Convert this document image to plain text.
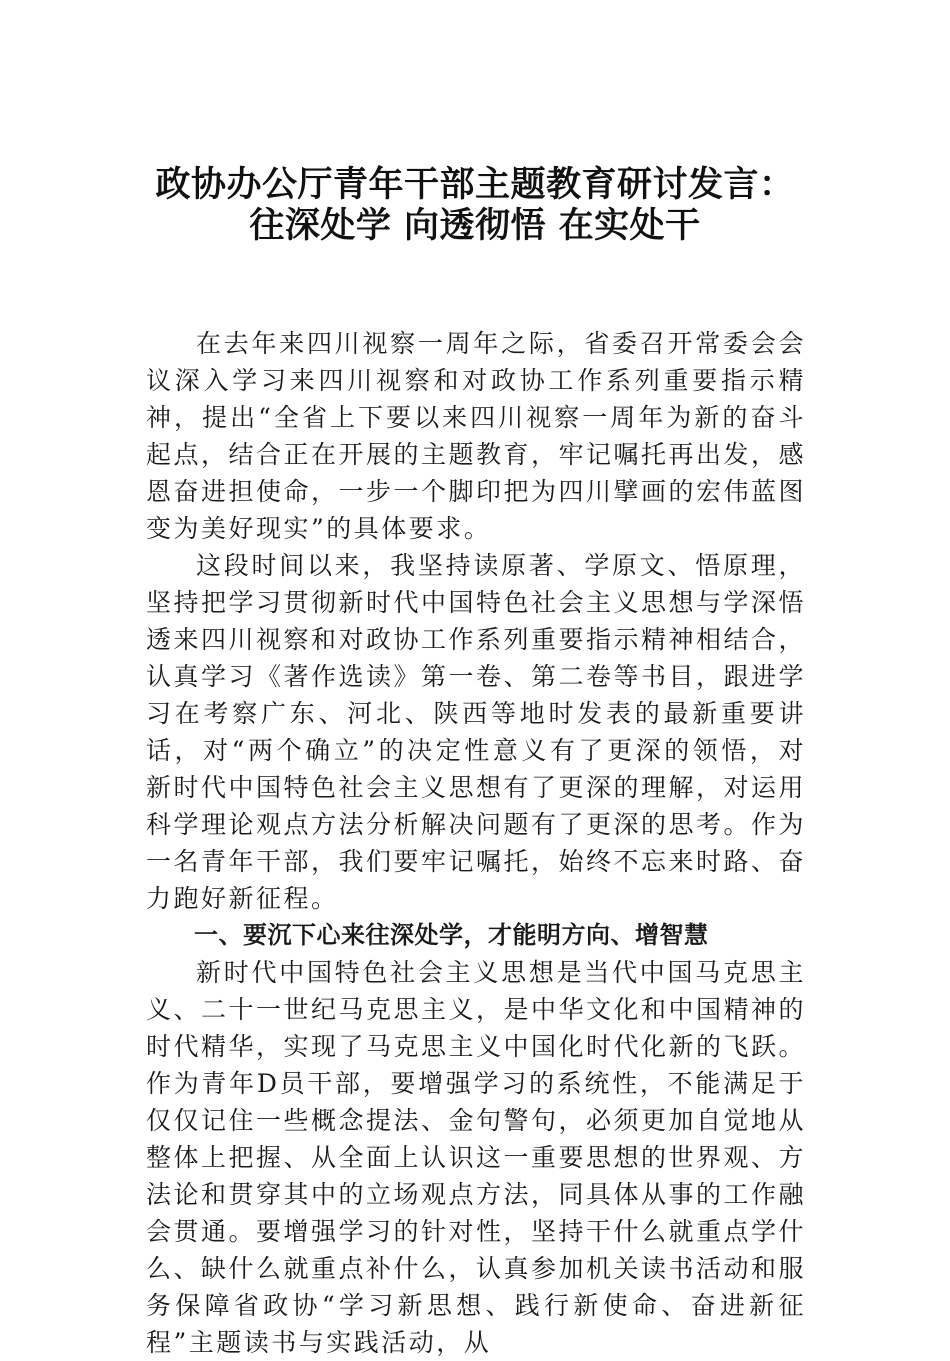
政协办公厅青年干部主题教育研讨发言：
往深处学 向透彻悟 在实处干

在去年来四川视察一周年之际，省委召开常委会会议深入学习来四川视察和对政协工作系列重要指示精神，提出“全省上下要以来四川视察一周年为新的奋斗起点，结合正在开展的主题教育，牢记嘱托再出发，感恩奋进担使命，一步一个脚印把为四川擘画的宏伟蓝图变为美好现实”的具体要求。

这段时间以来，我坚持读原著、学原文、悟原理，坚持把学习贯彻新时代中国特色社会主义思想与学深悟透来四川视察和对政协工作系列重要指示精神相结合，认真学习《著作选读》第一卷、第二卷等书目，跟进学习在考察广东、河北、陕西等地时发表的最新重要讲话，对“两个确立”的决定性意义有了更深的领悟，对新时代中国特色社会主义思想有了更深的理解，对运用科学理论观点方法分析解决问题有了更深的思考。作为一名青年干部，我们要牢记嘱托，始终不忘来时路、奋力跑好新征程。

一、要沉下心来往深处学，才能明方向、增智慧

新时代中国特色社会主义思想是当代中国马克思主义、二十一世纪马克思主义，是中华文化和中国精神的时代精华，实现了马克思主义中国化时代化新的飞跃。作为青年D员干部，要增强学习的系统性，不能满足于仅仅记住一些概念提法、金句警句，必须更加自觉地从整体上把握、从全面上认识这一重要思想的世界观、方法论和贯穿其中的立场观点方法，同具体从事的工作融会贯通。要增强学习的针对性，坚持干什么就重点学什么、缺什么就重点补什么，认真参加机关读书活动和服务保障省政协“学习新思想、践行新使命、奋进新征程”主题读书与实践活动，从
